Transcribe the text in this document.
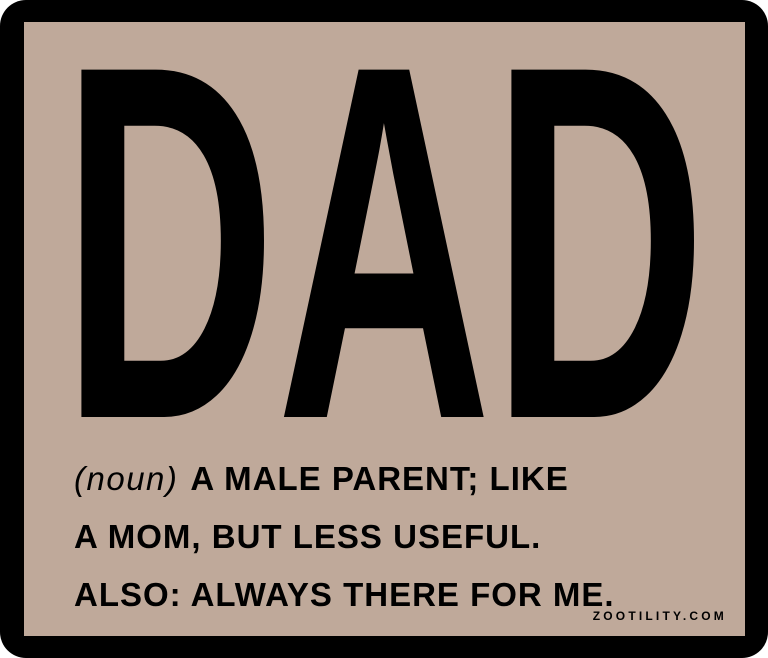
DAD
(noun) A MALE PARENT; LIKE
A MOM, BUT LESS USEFUL.
ALSO: ALWAYS THERE FOR ME.
ZOOTILITY.COM
